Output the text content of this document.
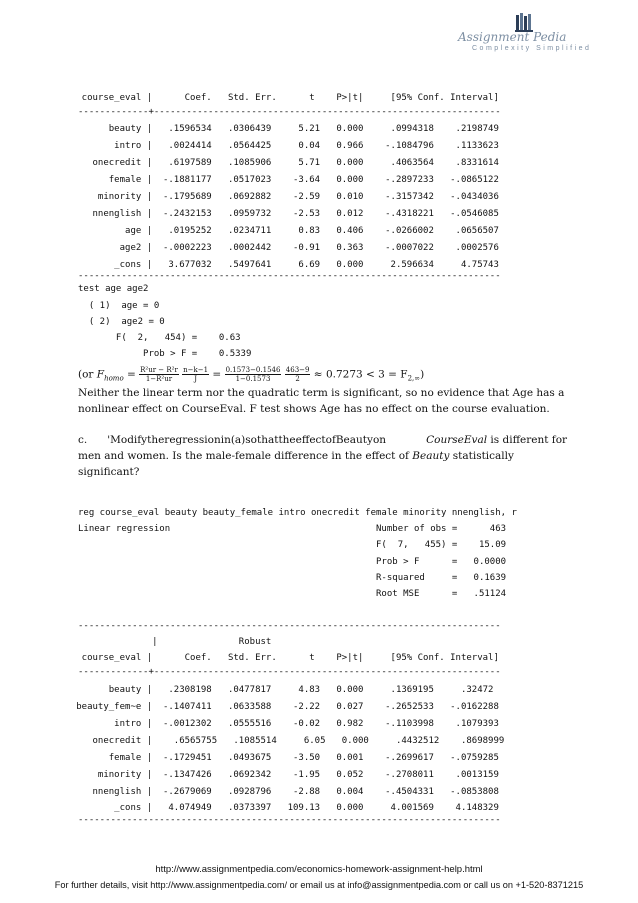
Assignment Pedia
Complexity Simplified
course_eval |      Coef.   Std. Err.      t    P>|t|     [95% Conf. Interval]
-------------+----------------------------------------------------------------
beauty |   .1596534   .0306439     5.21   0.000     .0994318    .2198749
intro |   .0024414   .0564425     0.04   0.966    -.1084796    .1133623
onecredit |   .6197589   .1085906     5.71   0.000     .4063564    .8331614
female |  -.1881177   .0517023    -3.64   0.000    -.2897233   -.0865122
minority |  -.1795689   .0692882    -2.59   0.010    -.3157342   -.0434036
nnenglish |  -.2432153   .0959732    -2.53   0.012    -.4318221   -.0546085
age |   .0195252   .0234711     0.83   0.406    -.0266002    .0656507
age2 |  -.0002223   .0002442    -0.91   0.363    -.0007022    .0002576
_cons |   3.677032   .5497641     6.69   0.000     2.596634     4.75743
------------------------------------------------------------------------------
test age age2
( 1)  age = 0
( 2)  age2 = 0
F(  2,   454) =    0.63
Prob > F =    0.5339
(or $F_{homo} = \frac{\text{R²ur − R²r}}{\text{1−R²ur}}$
$\frac{n-k-1}{J} = \frac{0.1573-0.1546}{1-0.1573}$
$\frac{463-9}{2} \approx 0.7273 < 3 = F_{2,\infty}$)
Neither the linear term nor the quadratic term is significant, so no evidence that Age has a nonlinear effect on CourseEval. F test shows Age has no effect on the course evaluation.
c. 'Modifytheregressionin(a)sothattheeffectofBeautyon	CourseEval is different for men and women. Is the male-female difference in the effect of Beauty statistically significant?
reg course_eval beauty beauty_female intro onecredit female minority nnenglish, r
Linear regression                                      Number of obs =      463
F(  7,   455) =    15.09
Prob > F      =   0.0000
R-squared     =   0.1639
Root MSE      =   .51124
------------------------------------------------------------------------------
|               Robust
course_eval |      Coef.   Std. Err.      t    P>|t|     [95% Conf. Interval]
-------------+----------------------------------------------------------------
beauty |   .2308198   .0477817     4.83   0.000     .1369195     .32472
beauty_fem~e |  -.1407411   .0633588    -2.22   0.027    -.2652533   -.0162288
intro |  -.0012302   .0555516    -0.02   0.982    -.1103998    .1079393
onecredit |    .6565755   .1085514     6.05   0.000     .4432512    .8698999
female |  -.1729451   .0493675    -3.50   0.001    -.2699617   -.0759285
minority |  -.1347426   .0692342    -1.95   0.052    -.2708011    .0013159
nnenglish |  -.2679069   .0928796    -2.88   0.004    -.4504331   -.0853808
_cons |   4.074949   .0373397   109.13   0.000     4.001569    4.148329
------------------------------------------------------------------------------
http://www.assignmentpedia.com/economics-homework-assignment-help.html
For further details, visit http://www.assignmentpedia.com/ or email us at info@assignmentpedia.com or call us on +1-520-8371215
